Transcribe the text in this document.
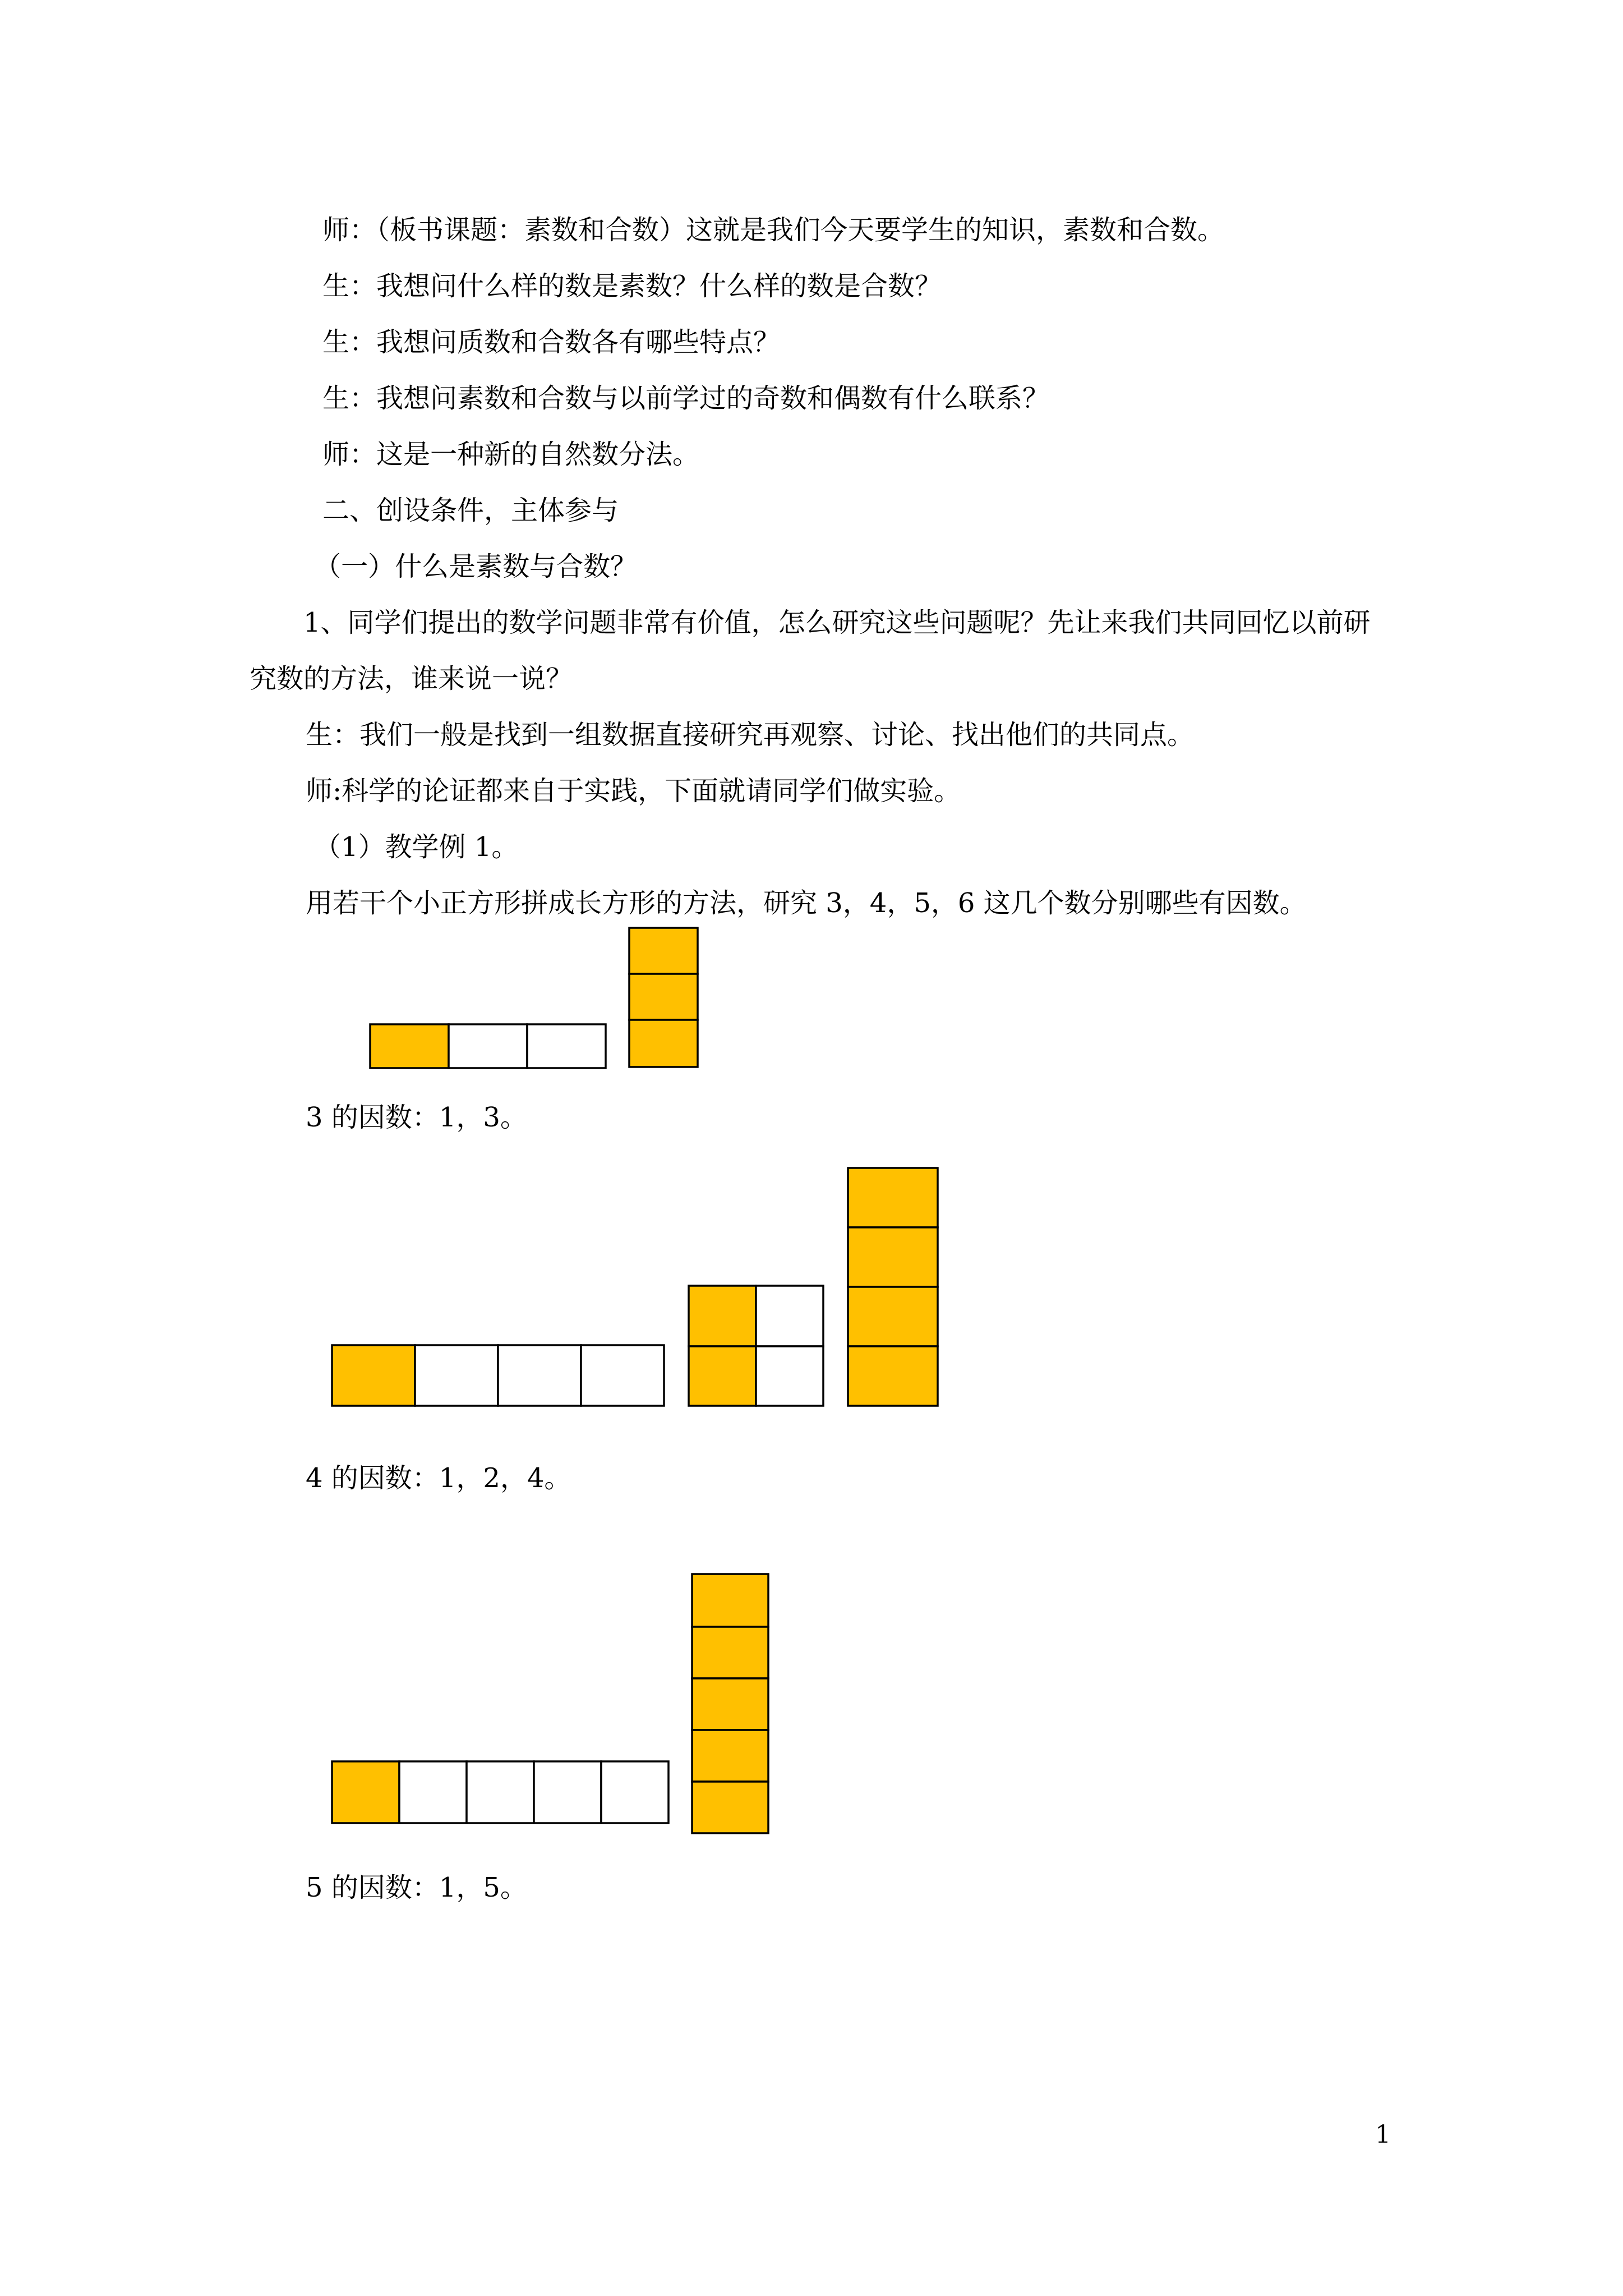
师：（板书课题：素数和合数）这就是我们今天要学生的知识，素数和合数。
生：我想问什么样的数是素数？什么样的数是合数？
生：我想问质数和合数各有哪些特点？
生：我想问素数和合数与以前学过的奇数和偶数有什么联系？
师：这是一种新的自然数分法。
二、创设条件，主体参与
（一）什么是素数与合数？
1、同学们提出的数学问题非常有价值，怎么研究这些问题呢？先让来我们共同回忆以前研究数的方法，谁来说一说？
生：我们一般是找到一组数据直接研究再观察、讨论、找出他们的共同点。
师:科学的论证都来自于实践，下面就请同学们做实验。
（1）教学例 1。
用若干个小正方形拼成长方形的方法，研究 3，4，5，6 这几个数分别哪些有因数。
3 的因数：1，3。
4 的因数：1，2，4。
5 的因数：1，5。
1
